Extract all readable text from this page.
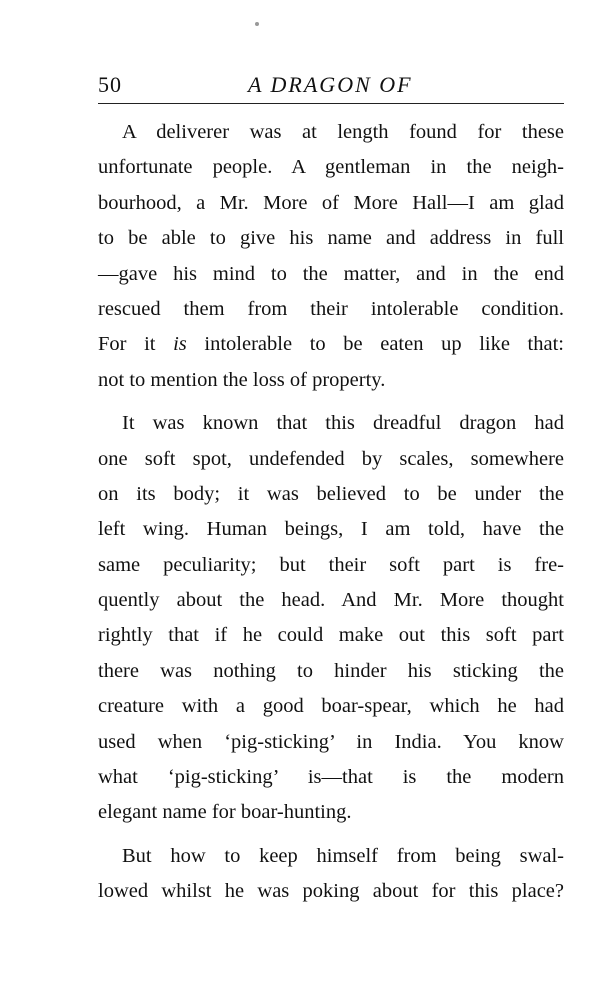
50	A DRAGON OF
A deliverer was at length found for these
unfortunate people. A gentleman in the neigh-
bourhood, a Mr. More of More Hall—I am glad
to be able to give his name and address in full
—gave his mind to the matter, and in the end
rescued them from their intolerable condition.
For it is intolerable to be eaten up like that:
not to mention the loss of property.
It was known that this dreadful dragon had
one soft spot, undefended by scales, somewhere
on its body; it was believed to be under the
left wing. Human beings, I am told, have the
same peculiarity; but their soft part is fre-
quently about the head. And Mr. More thought
rightly that if he could make out this soft part
there was nothing to hinder his sticking the
creature with a good boar-spear, which he had
used when ‘pig-sticking’ in India. You know
what ‘pig-sticking’ is—that is the modern
elegant name for boar-hunting.
But how to keep himself from being swal-
lowed whilst he was poking about for this place?
